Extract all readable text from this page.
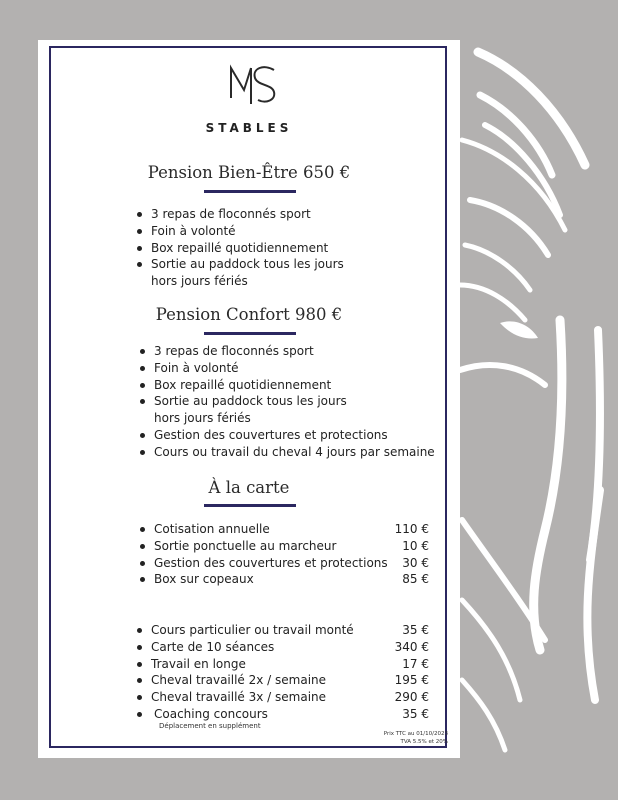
STABLES
Pension Bien-Être 650 €
3 repas de floconnés sport
Foin à volonté
Box repaillé quotidiennement
Sortie au paddock tous les jours
hors jours fériés
Pension Confort 980 €
3 repas de floconnés sport
Foin à volonté
Box repaillé quotidiennement
Sortie au paddock tous les jours
hors jours fériés
Gestion des couvertures et protections
Cours ou travail du cheval 4 jours par semaine
À la carte
Cotisation annuelle	110 €
Sortie ponctuelle au marcheur	10 €
Gestion des couvertures et protections 30 €
Box sur copeaux	85 €
Cours particulier ou travail monté	35 €
Carte de 10 séances	340 €
Travail en longe	17 €
Cheval travaillé 2x / semaine	195 €
Cheval travaillé 3x / semaine	290 €
Coaching concours	35 €
Déplacement en supplément
Prix TTC au 01/10/2023
TVA 5.5% et 20%
